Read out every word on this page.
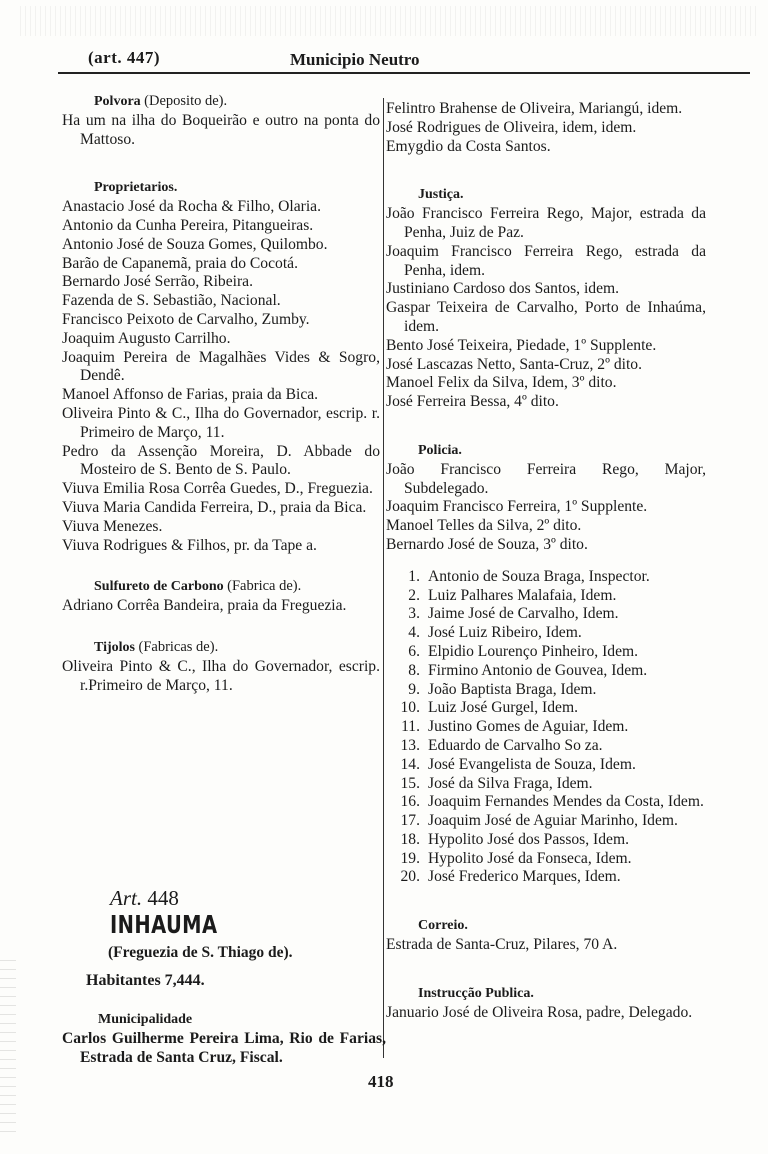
(art. 447)	Municipio Neutro
Polvora (Deposito de).
Ha um na ilha do Boqueirão e outro na ponta do Mattoso.
Proprietarios.
Anastacio José da Rocha & Filho, Olaria.
Antonio da Cunha Pereira, Pitangueiras.
Antonio José de Souza Gomes, Quilombo.
Barão de Capanemã, praia do Cocotá.
Bernardo José Serrão, Ribeira.
Fazenda de S. Sebastião, Nacional.
Francisco Peixoto de Carvalho, Zumby.
Joaquim Augusto Carrilho.
Joaquim Pereira de Magalhães Vides & Sogro, Dendê.
Manoel Affonso de Farias, praia da Bica.
Oliveira Pinto & C., Ilha do Governador, escrip. r. Primeiro de Março, 11.
Pedro da Assenção Moreira, D. Abbade do Mosteiro de S. Bento de S. Paulo.
Viuva Emilia Rosa Corrêa Guedes, D., Freguezia.
Viuva Maria Candida Ferreira, D., praia da Bica.
Viuva Menezes.
Viuva Rodrigues & Filhos, pr. da Tape a.
Sulfureto de Carbono (Fabrica de).
Adriano Corrêa Bandeira, praia da Freguezia.
Tijolos (Fabricas de).
Oliveira Pinto & C., Ilha do Governador, escrip. r.Primeiro de Março, 11.
Art. 448
INHAUMA
(Freguezia de S. Thiago de).
Habitantes 7,444.
Municipalidade
Carlos Guilherme Pereira Lima, Rio de Farias, Estrada de Santa Cruz, Fiscal.
Felintro Brahense de Oliveira, Mariangú, idem.
José Rodrigues de Oliveira, idem, idem.
Emygdio da Costa Santos.
Justiça.
João Francisco Ferreira Rego, Major, estrada da Penha, Juiz de Paz.
Joaquim Francisco Ferreira Rego, estrada da Penha, idem.
Justiniano Cardoso dos Santos, idem.
Gaspar Teixeira de Carvalho, Porto de Inhaúma, idem.
Bento José Teixeira, Piedade, 1º Supplente.
José Lascazas Netto, Santa-Cruz, 2º dito.
Manoel Felix da Silva, Idem, 3º dito.
José Ferreira Bessa, 4º dito.
Policia.
João Francisco Ferreira Rego, Major, Subdelegado.
Joaquim Francisco Ferreira, 1º Supplente.
Manoel Telles da Silva, 2º dito.
Bernardo José de Souza, 3º dito.
1. Antonio de Souza Braga, Inspector.
2. Luiz Palhares Malafaia, Idem.
3. Jaime José de Carvalho, Idem.
4. José Luiz Ribeiro, Idem.
6. Elpidio Lourenço Pinheiro, Idem.
8. Firmino Antonio de Gouvea, Idem.
9. João Baptista Braga, Idem.
10. Luiz José Gurgel, Idem.
11. Justino Gomes de Aguiar, Idem.
13. Eduardo de Carvalho So za.
14. José Evangelista de Souza, Idem.
15. José da Silva Fraga, Idem.
16. Joaquim Fernandes Mendes da Costa, Idem.
17. Joaquim José de Aguiar Marinho, Idem.
18. Hypolito José dos Passos, Idem.
19. Hypolito José da Fonseca, Idem.
20. José Frederico Marques, Idem.
Correio.
Estrada de Santa-Cruz, Pilares, 70 A.
Instrucção Publica.
Januario José de Oliveira Rosa, padre, Delegado.
418
